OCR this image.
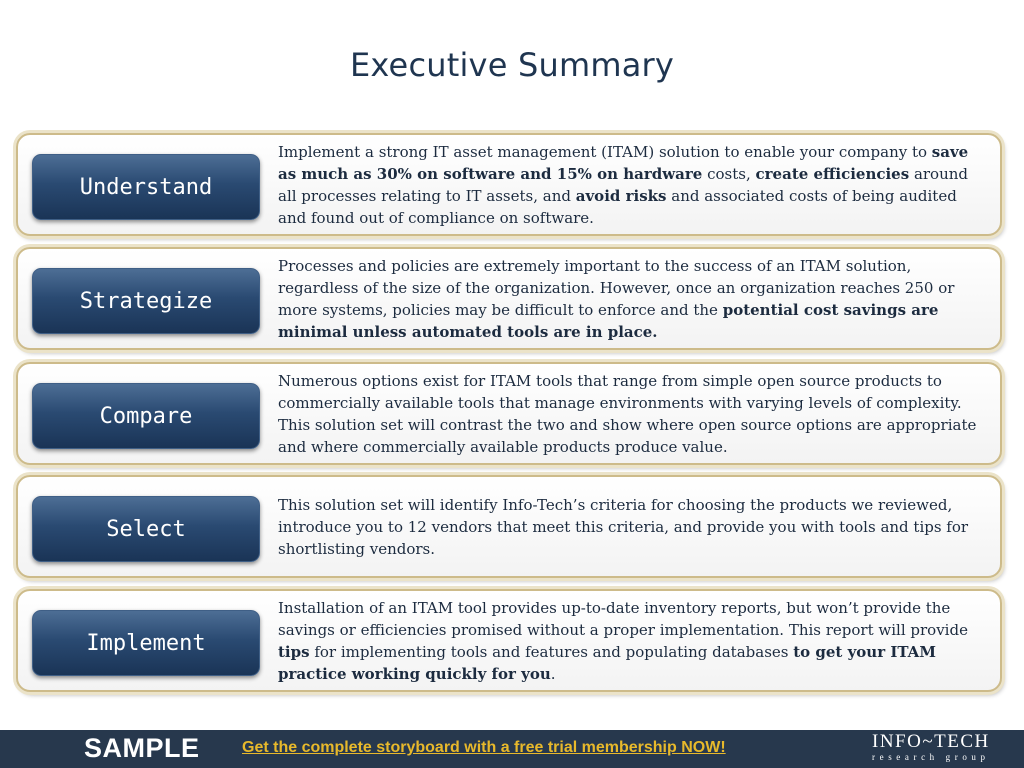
Executive Summary
Understand

Implement a strong IT asset management (ITAM) solution to enable your company to save as much as 30% on software and 15% on hardware costs, create efficiencies around all processes relating to IT assets, and avoid risks and associated costs of being audited and found out of compliance on software.

Strategize

Processes and policies are extremely important to the success of an ITAM solution, regardless of the size of the organization. However, once an organization reaches 250 or more systems, policies may be difficult to enforce and the potential cost savings are minimal unless automated tools are in place.

Compare

Numerous options exist for ITAM tools that range from simple open source products to commercially available tools that manage environments with varying levels of complexity. This solution set will contrast the two and show where open source options are appropriate and where commercially available products produce value.

Select

This solution set will identify Info-Tech’s criteria for choosing the products we reviewed, introduce you to 12 vendors that meet this criteria, and provide you with tools and tips for shortlisting vendors.

Implement

Installation of an ITAM tool provides up-to-date inventory reports, but won’t provide the savings or efficiencies promised without a proper implementation. This report will provide tips for implementing tools and features and populating databases to get your ITAM practice working quickly for you.

SAMPLE	Get the complete storyboard with a free trial membership NOW!	INFO~TECH
research group
